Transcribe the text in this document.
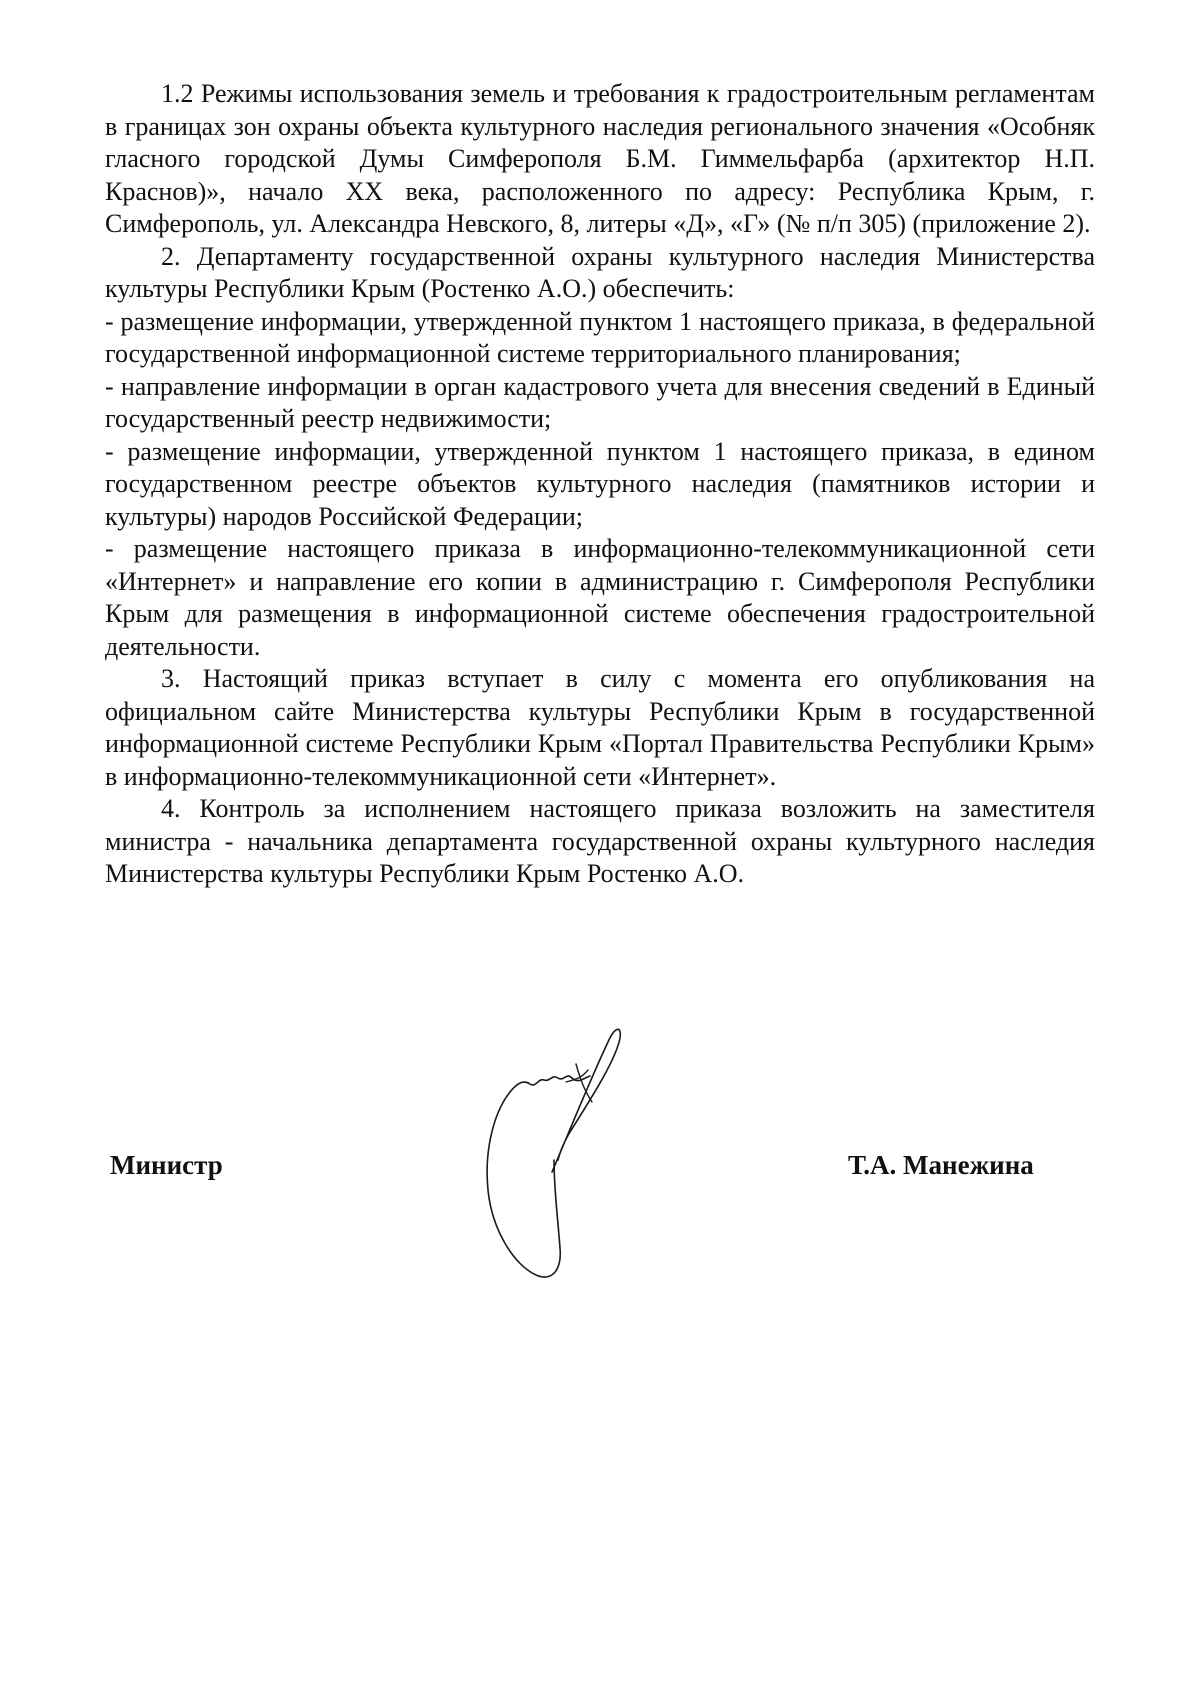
1.2 Режимы использования земель и требования к градостроительным регламентам в границах зон охраны объекта культурного наследия регионального значения «Особняк гласного городской Думы Симферополя Б.М. Гиммельфарба (архитектор Н.П. Краснов)», начало XX века, расположенного по адресу: Республика Крым, г. Симферополь, ул. Александра Невского, 8, литеры «Д», «Г» (№ п/п 305) (приложение 2).

2. Департаменту государственной охраны культурного наследия Министерства культуры Республики Крым (Ростенко А.О.) обеспечить:

- размещение информации, утвержденной пунктом 1 настоящего приказа, в федеральной государственной информационной системе территориального планирования;

- направление информации в орган кадастрового учета для внесения сведений в Единый государственный реестр недвижимости;

- размещение информации, утвержденной пунктом 1 настоящего приказа, в едином государственном реестре объектов культурного наследия (памятников истории и культуры) народов Российской Федерации;

- размещение настоящего приказа в информационно-телекоммуникационной сети «Интернет» и направление его копии в администрацию г. Симферополя Республики Крым для размещения в информационной системе обеспечения градостроительной деятельности.

3. Настоящий приказ вступает в силу с момента его опубликования на официальном сайте Министерства культуры Республики Крым в государственной информационной системе Республики Крым «Портал Правительства Республики Крым» в информационно-телекоммуникационной сети «Интернет».

4. Контроль за исполнением настоящего приказа возложить на заместителя министра - начальника департамента государственной охраны культурного наследия Министерства культуры Республики Крым Ростенко А.О.

Министр	Т.А. Манежина
